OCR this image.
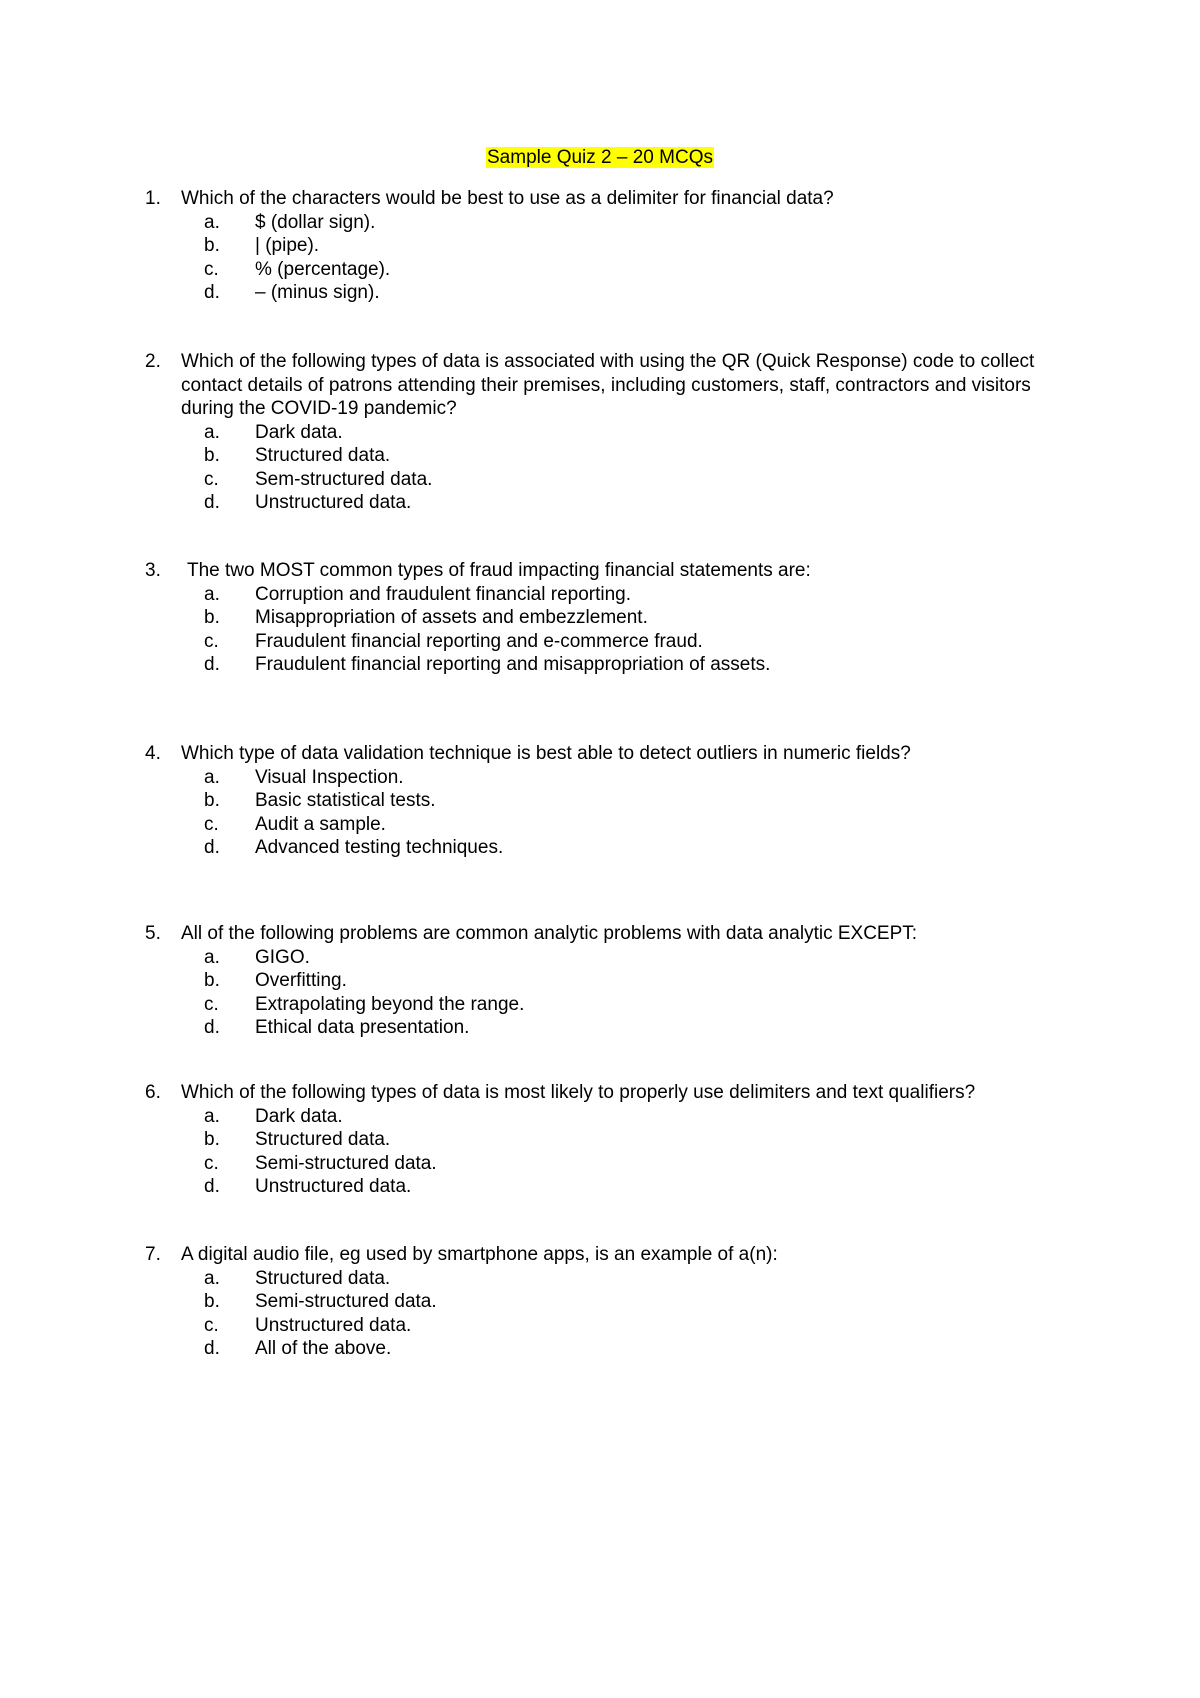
Sample Quiz 2 – 20 MCQs
1. Which of the characters would be best to use as a delimiter for financial data?
a. $ (dollar sign).
b. | (pipe).
c. % (percentage).
d. – (minus sign).
2. Which of the following types of data is associated with using the QR (Quick Response) code to collect contact details of patrons attending their premises, including customers, staff, contractors and visitors during the COVID-19 pandemic?
a. Dark data.
b. Structured data.
c. Sem-structured data.
d. Unstructured data.
3.	The two MOST common types of fraud impacting financial statements are:
a. Corruption and fraudulent financial reporting.
b. Misappropriation of assets and embezzlement.
c. Fraudulent financial reporting and e-commerce fraud.
d. Fraudulent financial reporting and misappropriation of assets.
4. Which type of data validation technique is best able to detect outliers in numeric fields?
a. Visual Inspection.
b. Basic statistical tests.
c. Audit a sample.
d. Advanced testing techniques.
5. All of the following problems are common analytic problems with data analytic EXCEPT:
a. GIGO.
b. Overfitting.
c. Extrapolating beyond the range.
d. Ethical data presentation.
6. Which of the following types of data is most likely to properly use delimiters and text qualifiers?
a. Dark data.
b. Structured data.
c. Semi-structured data.
d. Unstructured data.
7. A digital audio file, eg used by smartphone apps, is an example of a(n):
a. Structured data.
b. Semi-structured data.
c. Unstructured data.
d. All of the above.
